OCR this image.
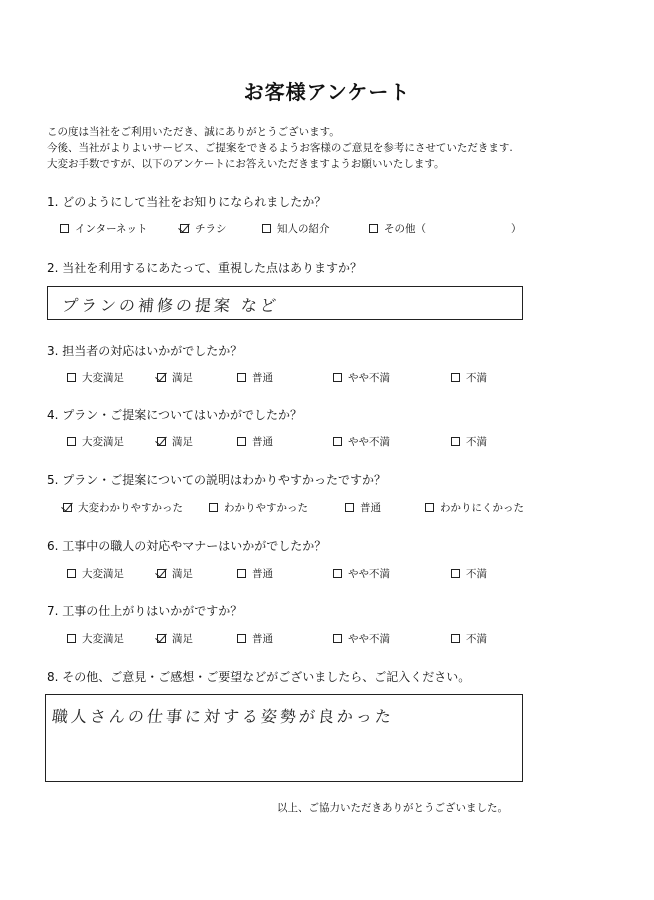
お客様アンケート
この度は当社をご利用いただき、誠にありがとうございます。
今後、当社がよりよいサービス、ご提案をできるようお客様のご意見を参考にさせていただきます.
大変お手数ですが、以下のアンケートにお答えいただきますようお願いいたします。
1. どのようにして当社をお知りになられましたか？
インターネット	チラシ	知人の紹介	その他（	）
2. 当社を利用するにあたって、重視した点はありますか？
プランの補修の提案 など
3. 担当者の対応はいかがでしたか？
大変満足	満足	普通	やや不満	不満
4. プラン・ご提案についてはいかがでしたか？
大変満足	満足	普通	やや不満	不満
5. プラン・ご提案についての説明はわかりやすかったですか？
大変わかりやすかった	わかりやすかった	普通	わかりにくかった
6. 工事中の職人の対応やマナーはいかがでしたか？
大変満足	満足	普通	やや不満	不満
7. 工事の仕上がりはいかがですか？
大変満足	満足	普通	やや不満	不満
8. その他、ご意見・ご感想・ご要望などがございましたら、ご記入ください。
職人さんの仕事に対する姿勢が良かった
以上、ご協力いただきありがとうございました。
